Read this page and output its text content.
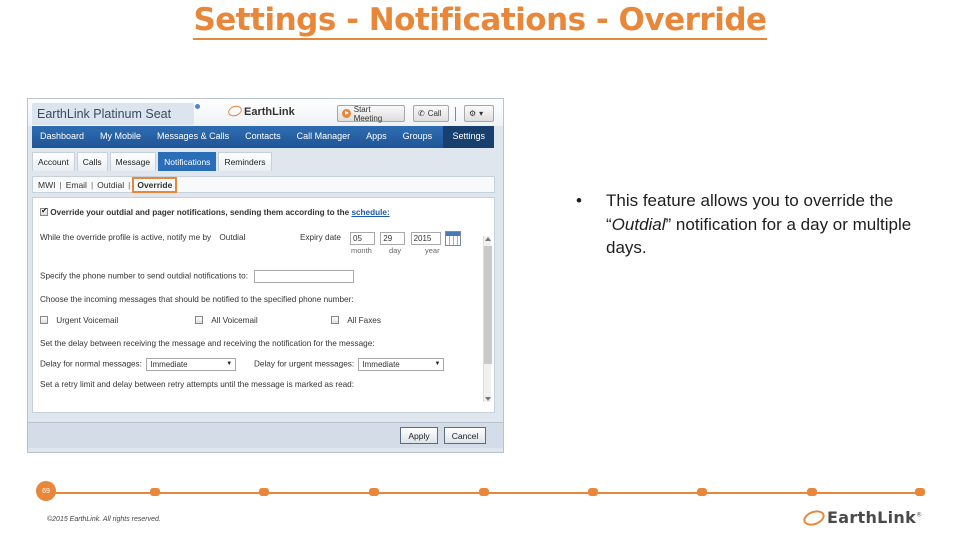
Settings - Notifications - Override
EarthLink Platinum Seat	EarthLink	Start Meeting	✆ Call	⚙ ▾
Dashboard	My Mobile	Messages & Calls	Contacts	Call Manager	Apps	Groups	Settings
Account	Calls	Message	Notifications	Reminders
MWI | Email | Outdial | Override
✔ Override your outdial and pager notifications, sending them according to the schedule:
While the override profile is active, notify me by Outdial	Expiry date	05	29	2015
month day	year
Specify the phone number to send outdial notifications to:
Choose the incoming messages that should be notified to the specified phone number:
Urgent Voicemail	All Voicemail	All Faxes
Set the delay between receiving the message and receiving the notification for the message:
Delay for normal messages: Immediate ▼	Delay for urgent messages: Immediate ▼
Set a retry limit and delay between retry attempts until the message is marked as read:
Apply	Cancel
•	This feature allows you to override the “Outdial” notification for a day or multiple days.
69
©2015 EarthLink. All rights reserved.	EarthLink®
